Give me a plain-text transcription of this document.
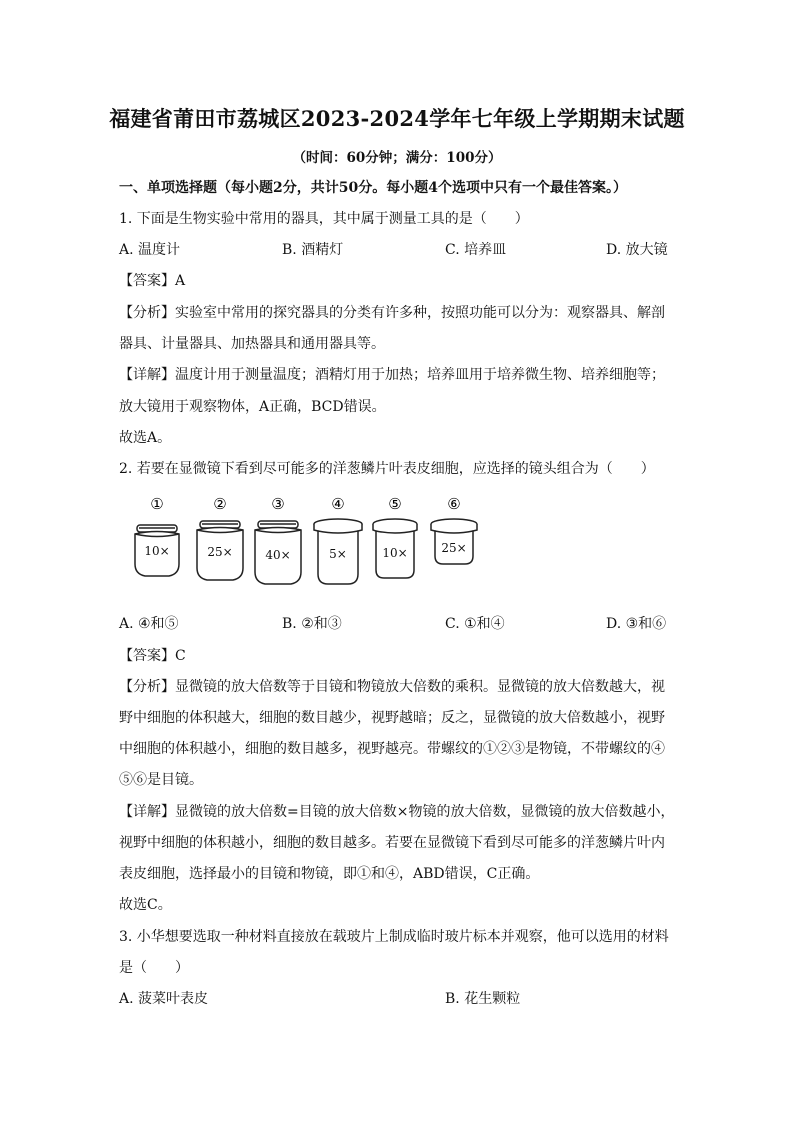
福建省莆田市荔城区2023-2024学年七年级上学期期末试题
（时间：60分钟；满分：100分）
一、单项选择题（每小题2分，共计50分。每小题4个选项中只有一个最佳答案。）
1. 下面是生物实验中常用的器具，其中属于测量工具的是（　　）
A. 温度计	B. 酒精灯	C. 培养皿	D. 放大镜
【答案】A
【分析】实验室中常用的探究器具的分类有许多种，按照功能可以分为：观察器具、解剖
器具、计量器具、加热器具和通用器具等。
【详解】温度计用于测量温度；酒精灯用于加热；培养皿用于培养微生物、培养细胞等；
放大镜用于观察物体，A正确，BCD错误。
故选A。
2. 若要在显微镜下看到尽可能多的洋葱鳞片叶表皮细胞，应选择的镜头组合为（　　）
①	②	③	④	⑤	⑥
10×	25×	40×	5×	10×	25×
A. ④和⑤	B. ②和③	C. ①和④	D. ③和⑥
【答案】C
【分析】显微镜的放大倍数等于目镜和物镜放大倍数的乘积。显微镜的放大倍数越大，视
野中细胞的体积越大，细胞的数目越少，视野越暗；反之，显微镜的放大倍数越小，视野
中细胞的体积越小，细胞的数目越多，视野越亮。带螺纹的①②③是物镜，不带螺纹的④
⑤⑥是目镜。
【详解】显微镜的放大倍数=目镜的放大倍数×物镜的放大倍数，显微镜的放大倍数越小，
视野中细胞的体积越小，细胞的数目越多。若要在显微镜下看到尽可能多的洋葱鳞片叶内
表皮细胞，选择最小的目镜和物镜，即①和④，ABD错误，C正确。
故选C。
3. 小华想要选取一种材料直接放在载玻片上制成临时玻片标本并观察，他可以选用的材料
是（　　）
A. 菠菜叶表皮	B. 花生颗粒
